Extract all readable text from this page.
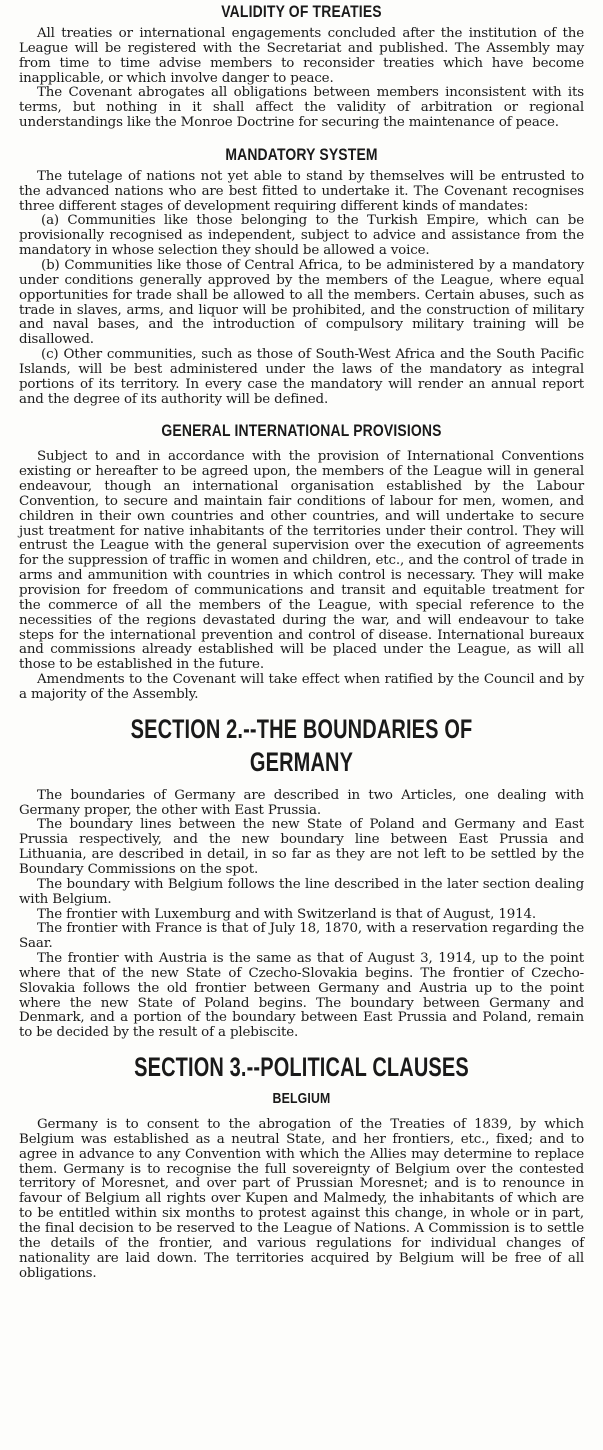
VALIDITY OF TREATIES

All treaties or international engagements concluded after the institution of the League will be registered with the Secretariat and published. The Assembly may from time to time advise members to reconsider treaties which have become inapplicable, or which involve danger to peace.

The Covenant abrogates all obligations between members inconsistent with its terms, but nothing in it shall affect the validity of arbitration or regional understandings like the Monroe Doctrine for securing the maintenance of peace.

MANDATORY SYSTEM

The tutelage of nations not yet able to stand by themselves will be entrusted to the advanced nations who are best fitted to undertake it. The Covenant recognises three different stages of development requiring different kinds of mandates:

(a) Communities like those belonging to the Turkish Empire, which can be provisionally recognised as independent, subject to advice and assistance from the mandatory in whose selection they should be allowed a voice.

(b) Communities like those of Central Africa, to be administered by a mandatory under conditions generally approved by the members of the League, where equal opportunities for trade shall be allowed to all the members. Certain abuses, such as trade in slaves, arms, and liquor will be prohibited, and the construction of military and naval bases, and the introduction of compulsory military training will be disallowed.

(c) Other communities, such as those of South-West Africa and the South Pacific Islands, will be best administered under the laws of the mandatory as integral portions of its territory. In every case the mandatory will render an annual report and the degree of its authority will be defined.

GENERAL INTERNATIONAL PROVISIONS

Subject to and in accordance with the provision of International Conventions existing or hereafter to be agreed upon, the members of the League will in general endeavour, though an international organisation established by the Labour Convention, to secure and maintain fair conditions of labour for men, women, and children in their own countries and other countries, and will undertake to secure just treatment for native inhabitants of the territories under their control. They will entrust the League with the general supervision over the execution of agreements for the suppression of traffic in women and children, etc., and the control of trade in arms and ammunition with countries in which control is necessary. They will make provision for freedom of communications and transit and equitable treatment for the commerce of all the members of the League, with special reference to the necessities of the regions devastated during the war, and will endeavour to take steps for the international prevention and control of disease. International bureaux and commissions already established will be placed under the League, as will all those to be established in the future.

Amendments to the Covenant will take effect when ratified by the Council and by a majority of the Assembly.

SECTION 2.--THE BOUNDARIES OF GERMANY

The boundaries of Germany are described in two Articles, one dealing with Germany proper, the other with East Prussia.

The boundary lines between the new State of Poland and Germany and East Prussia respectively, and the new boundary line between East Prussia and Lithuania, are described in detail, in so far as they are not left to be settled by the Boundary Commissions on the spot.

The boundary with Belgium follows the line described in the later section dealing with Belgium.

The frontier with Luxemburg and with Switzerland is that of August, 1914.

The frontier with France is that of July 18, 1870, with a reservation regarding the Saar.

The frontier with Austria is the same as that of August 3, 1914, up to the point where that of the new State of Czecho-Slovakia begins. The frontier of Czecho-Slovakia follows the old frontier between Germany and Austria up to the point where the new State of Poland begins. The boundary between Germany and Denmark, and a portion of the boundary between East Prussia and Poland, remain to be decided by the result of a plebiscite.

SECTION 3.--POLITICAL CLAUSES
BELGIUM

Germany is to consent to the abrogation of the Treaties of 1839, by which Belgium was established as a neutral State, and her frontiers, etc., fixed; and to agree in advance to any Convention with which the Allies may determine to replace them. Germany is to recognise the full sovereignty of Belgium over the contested territory of Moresnet, and over part of Prussian Moresnet; and is to renounce in favour of Belgium all rights over Kupen and Malmedy, the inhabitants of which are to be entitled within six months to protest against this change, in whole or in part, the final decision to be reserved to the League of Nations. A Commission is to settle the details of the frontier, and various regulations for individual changes of nationality are laid down. The territories acquired by Belgium will be free of all obligations.
